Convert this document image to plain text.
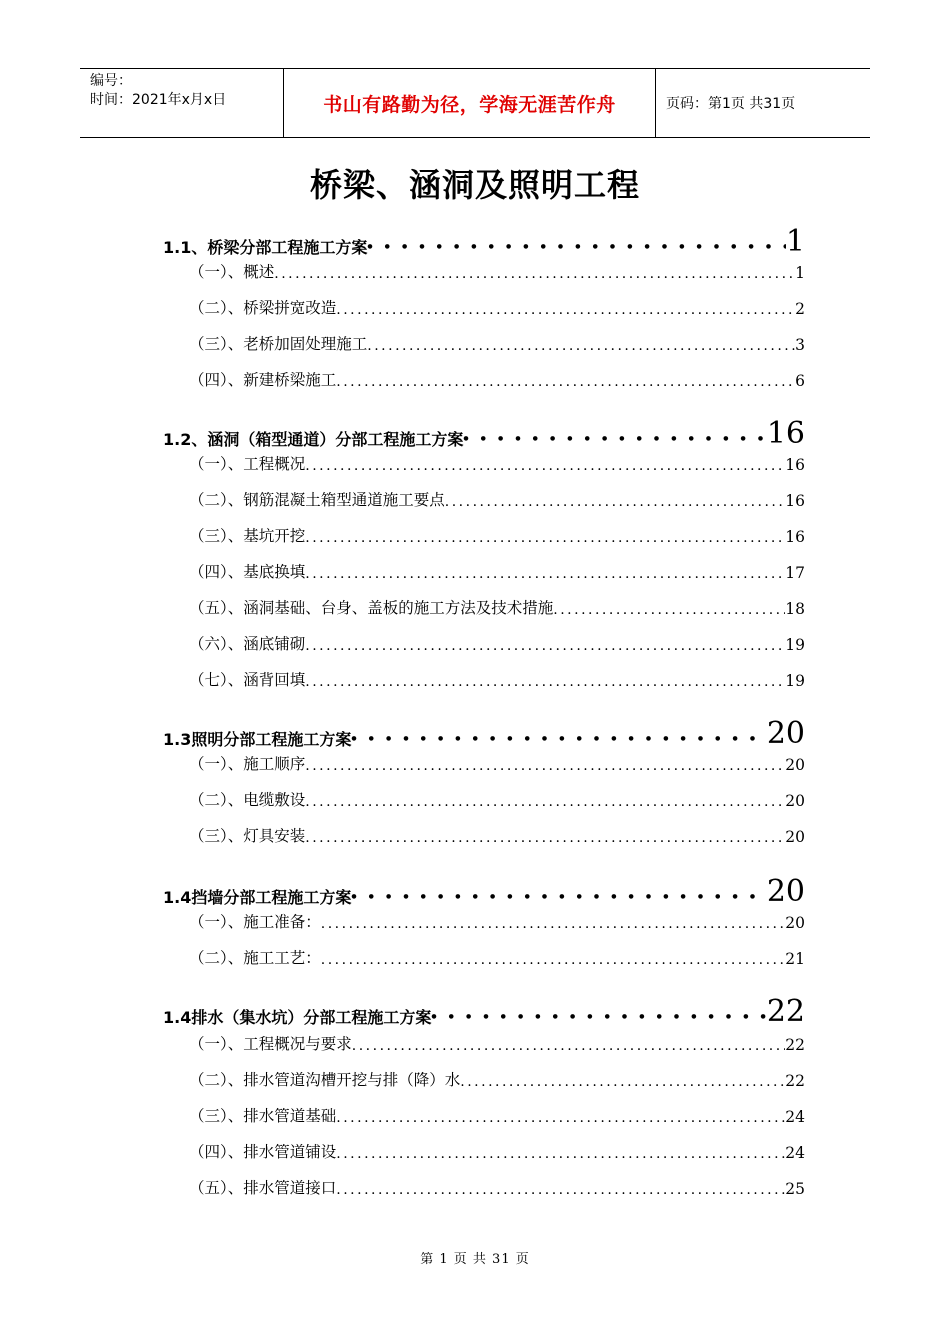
编号：
时间：2021年x月x日	书山有路勤为径，学海无涯苦作舟	页码：第1页 共31页
桥梁、涵洞及照明工程
1.1、桥梁分部工程施工方案 ● ● ● ● ● ● ● ● ● ● ● ● ● ● ● ● ● ● ● ● ● ● ● ● ● ● ● ● ● ● ● ● ● ● ● ● ● ● ● ● ● ● ● ● ● ● ● ●	1
（一）、概述 .....	1
（二）、桥梁拼宽改造 .....	2
（三）、老桥加固处理施工 .....	3
（四）、新建桥梁施工 .....	6
1.2、涵洞（箱型通道）分部工程施工方案 ● ● ● ● ● ● ● ● ● ● ● ● ● ● ● ● ● ● ● ● ● ● ● ● ● ● ● ● ● ● ● ● ● ● ● ● ● ● ● ● ● ● ● ● ● ● ● ●	16
（一）、工程概况 .....	16
（二）、钢筋混凝土箱型通道施工要点 .....	16
（三）、基坑开挖 .....	16
（四）、基底换填 .....	17
（五）、涵洞基础、台身、盖板的施工方法及技术措施 .....	18
（六）、涵底铺砌 .....	19
（七）、涵背回填 .....	19
1.3照明分部工程施工方案 ● ● ● ● ● ● ● ● ● ● ● ● ● ● ● ● ● ● ● ● ● ● ● ● ● ● ● ● ● ● ● ● ● ● ● ● ● ● ● ● ● ● ● ● ● ● ● ●	20
（一）、施工顺序 .....	20
（二）、电缆敷设 .....	20
（三）、灯具安装 .....	20
1.4挡墙分部工程施工方案 ● ● ● ● ● ● ● ● ● ● ● ● ● ● ● ● ● ● ● ● ● ● ● ● ● ● ● ● ● ● ● ● ● ● ● ● ● ● ● ● ● ● ● ● ● ● ● ●	20
（一）、施工准备： .....	20
（二）、施工工艺： .....	21
1.4排水（集水坑）分部工程施工方案 ● ● ● ● ● ● ● ● ● ● ● ● ● ● ● ● ● ● ● ● ● ● ● ● ● ● ● ● ● ● ● ● ● ● ● ● ● ● ● ● ● ● ● ● ● ● ● ●	22
（一）、工程概况与要求 .....	22
（二）、排水管道沟槽开挖与排（降）水 .....	22
（三）、排水管道基础 .....	24
（四）、排水管道铺设 .....	24
（五）、排水管道接口 .....	25
第 1 页 共 31 页
